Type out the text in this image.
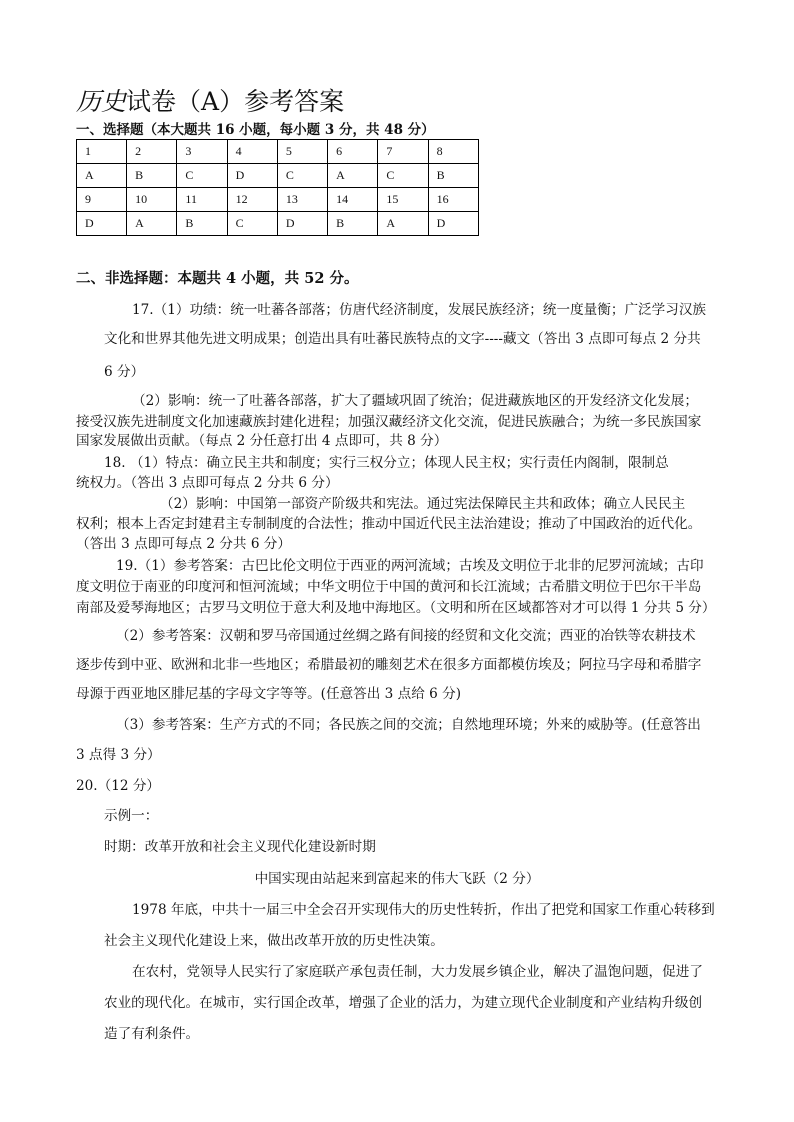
历史试卷（A）参考答案
一、选择题（本大题共 16 小题，每小题 3 分，共 48 分）
1	2	3	4	5	6	7	8
A	B	C	D	C	A	C	B
9	10	11	12	13	14	15	16
D	A	B	C	D	B	A	D
二、非选择题：本题共 4 小题，共 52 分。
17.（1）功绩：统一吐蕃各部落；仿唐代经济制度，发展民族经济；统一度量衡；广泛学习汉族
文化和世界其他先进文明成果；创造出具有吐蕃民族特点的文字----藏文（答出 3 点即可每点 2 分共
6 分）
（2）影响：统一了吐蕃各部落，扩大了疆域巩固了统治；促进藏族地区的开发经济文化发展；
接受汉族先进制度文化加速藏族封建化进程；加强汉藏经济文化交流，促进民族融合；为统一多民族国家
国家发展做出贡献。（每点 2 分任意打出 4 点即可，共 8 分）
18. （1）特点：确立民主共和制度；实行三权分立；体现人民主权；实行责任内阁制，限制总
统权力。（答出 3 点即可每点 2 分共 6 分）
（2）影响：中国第一部资产阶级共和宪法。通过宪法保障民主共和政体；确立人民民主
权利；根本上否定封建君主专制制度的合法性；推动中国近代民主法治建设；推动了中国政治的近代化。
（答出 3 点即可每点 2 分共 6 分）
19.（1）参考答案：古巴比伦文明位于西亚的两河流域；古埃及文明位于北非的尼罗河流域；古印
度文明位于南亚的印度河和恒河流域；中华文明位于中国的黄河和长江流域；古希腊文明位于巴尔干半岛
南部及爱琴海地区；古罗马文明位于意大利及地中海地区。（文明和所在区域都答对才可以得 1 分共 5 分）
（2）参考答案：汉朝和罗马帝国通过丝绸之路有间接的经贸和文化交流；西亚的冶铁等农耕技术
逐步传到中亚、欧洲和北非一些地区；希腊最初的雕刻艺术在很多方面都模仿埃及；阿拉马字母和希腊字
母源于西亚地区腓尼基的字母文字等等。(任意答出 3 点给 6 分)
（3）参考答案：生产方式的不同；各民族之间的交流；自然地理环境；外来的威胁等。(任意答出
3 点得 3 分）
20.（12 分）
示例一：
时期：改革开放和社会主义现代化建设新时期
中国实现由站起来到富起来的伟大飞跃（2 分）
1978 年底，中共十一届三中全会召开实现伟大的历史性转折，作出了把党和国家工作重心转移到
社会主义现代化建设上来，做出改革开放的历史性决策。
在农村，党领导人民实行了家庭联产承包责任制，大力发展乡镇企业，解决了温饱问题，促进了
农业的现代化。在城市，实行国企改革，增强了企业的活力，为建立现代企业制度和产业结构升级创
造了有利条件。
